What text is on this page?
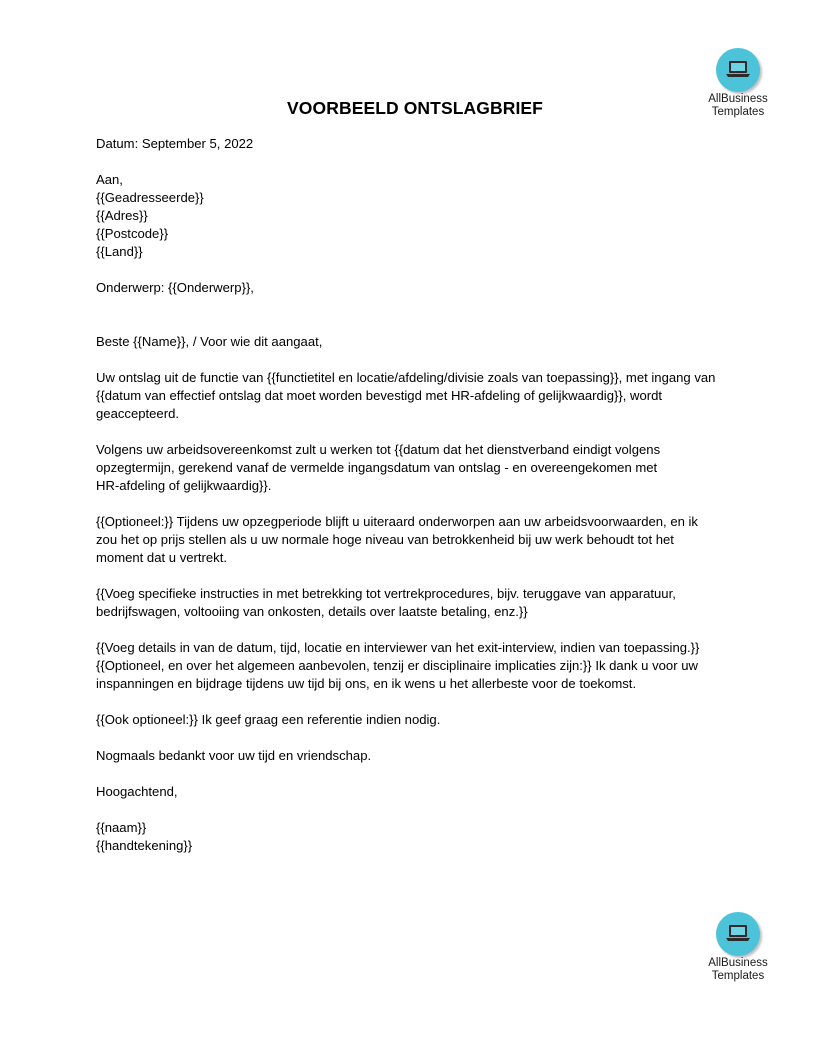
AllBusiness
Templates
VOORBEELD ONTSLAGBRIEF
Datum: September 5, 2022
Aan,
{{Geadresseerde}}
{{Adres}}
{{Postcode}}
{{Land}}
Onderwerp: {{Onderwerp}},
Beste {{Name}}, / Voor wie dit aangaat,
Uw ontslag uit de functie van {{functietitel en locatie/afdeling/divisie zoals van toepassing}}, met ingang van
{{datum van effectief ontslag dat moet worden bevestigd met HR-afdeling of gelijkwaardig}}, wordt
geaccepteerd.
Volgens uw arbeidsovereenkomst zult u werken tot {{datum dat het dienstverband eindigt volgens
opzegtermijn, gerekend vanaf de vermelde ingangsdatum van ontslag - en overeengekomen met
HR-afdeling of gelijkwaardig}}.
{{Optioneel:}} Tijdens uw opzegperiode blijft u uiteraard onderworpen aan uw arbeidsvoorwaarden, en ik
zou het op prijs stellen als u uw normale hoge niveau van betrokkenheid bij uw werk behoudt tot het
moment dat u vertrekt.
{{Voeg specifieke instructies in met betrekking tot vertrekprocedures, bijv. teruggave van apparatuur,
bedrijfswagen, voltooiing van onkosten, details over laatste betaling, enz.}}
{{Voeg details in van de datum, tijd, locatie en interviewer van het exit-interview, indien van toepassing.}}
{{Optioneel, en over het algemeen aanbevolen, tenzij er disciplinaire implicaties zijn:}} Ik dank u voor uw
inspanningen en bijdrage tijdens uw tijd bij ons, en ik wens u het allerbeste voor de toekomst.
{{Ook optioneel:}} Ik geef graag een referentie indien nodig.
Nogmaals bedankt voor uw tijd en vriendschap.
Hoogachtend,
{{naam}}
{{handtekening}}
AllBusiness
Templates
